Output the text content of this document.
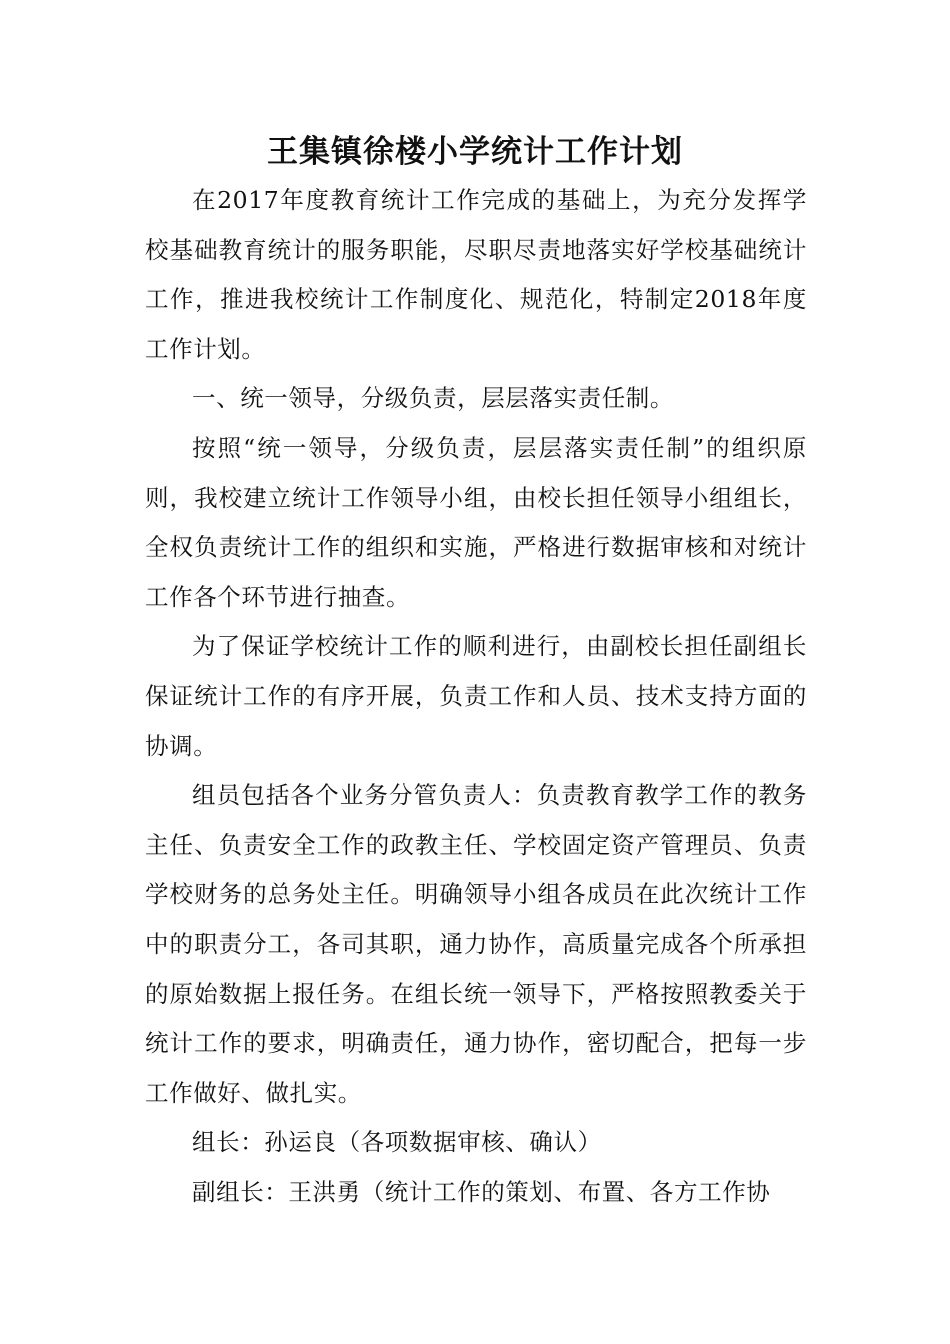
王集镇徐楼小学统计工作计划

在2017年度教育统计工作完成的基础上，为充分发挥学校基础教育统计的服务职能，尽职尽责地落实好学校基础统计工作，推进我校统计工作制度化、规范化，特制定2018年度工作计划。

一、统一领导，分级负责，层层落实责任制。

按照“统一领导，分级负责，层层落实责任制”的组织原则，我校建立统计工作领导小组，由校长担任领导小组组长，全权负责统计工作的组织和实施，严格进行数据审核和对统计工作各个环节进行抽查。

为了保证学校统计工作的顺利进行，由副校长担任副组长保证统计工作的有序开展，负责工作和人员、技术支持方面的协调。

组员包括各个业务分管负责人：负责教育教学工作的教务主任、负责安全工作的政教主任、学校固定资产管理员、负责学校财务的总务处主任。明确领导小组各成员在此次统计工作中的职责分工，各司其职，通力协作，高质量完成各个所承担的原始数据上报任务。在组长统一领导下，严格按照教委关于统计工作的要求，明确责任，通力协作，密切配合，把每一步工作做好、做扎实。

组长：孙运良（各项数据审核、确认）

副组长：王洪勇（统计工作的策划、布置、各方工作协
